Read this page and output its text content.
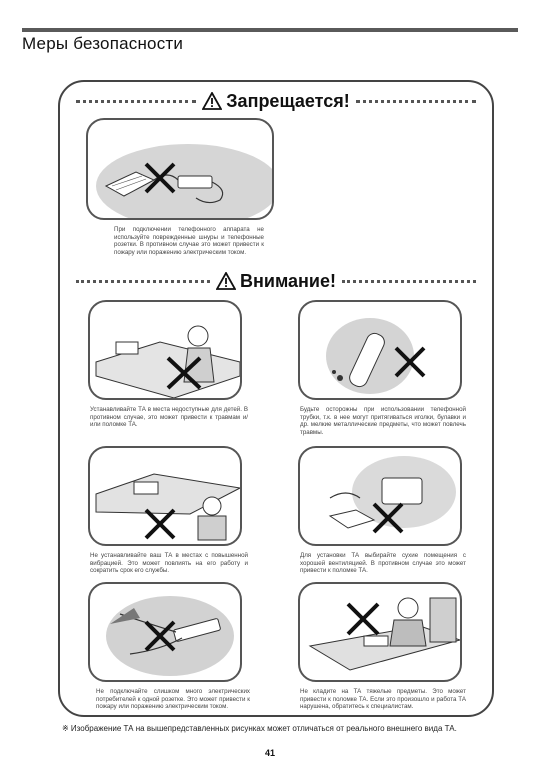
Меры безопасности
Запрещается!
При подключении телефонного аппарата не используйте поврежденные шнуры и телефонные розетки. В противном случае это может привести к пожару или поражению электрическим током.
Внимание!
Устанавливайте ТА в места недоступные для детей. В противном случае, это может привести к травмам и/или поломке ТА.
Будьте осторожны при использовании телефонной трубки, т.к. в нее могут притягиваться иголки, булавки и др. мелкие металлические предметы, что может повлечь травмы.
Не устанавливайте ваш ТА в местах с повышенной вибрацией. Это может повлиять на его работу и сократить срок его службы.
Для установки ТА выбирайте сухие помещения с хорошей вентиляцией. В противном случае это может привести к поломке ТА.
Не подключайте слишком много электрических потребителей к одной розетке. Это может привести к пожару или поражению электрическим током.
Не кладите на ТА тяжелые предметы. Это может привести к поломке ТА. Если это произошло и работа ТА нарушена, обратитесь к специалистам.
※ Изображение ТА на вышепредставленных рисунках может отличаться от реального внешнего вида ТА.
41
